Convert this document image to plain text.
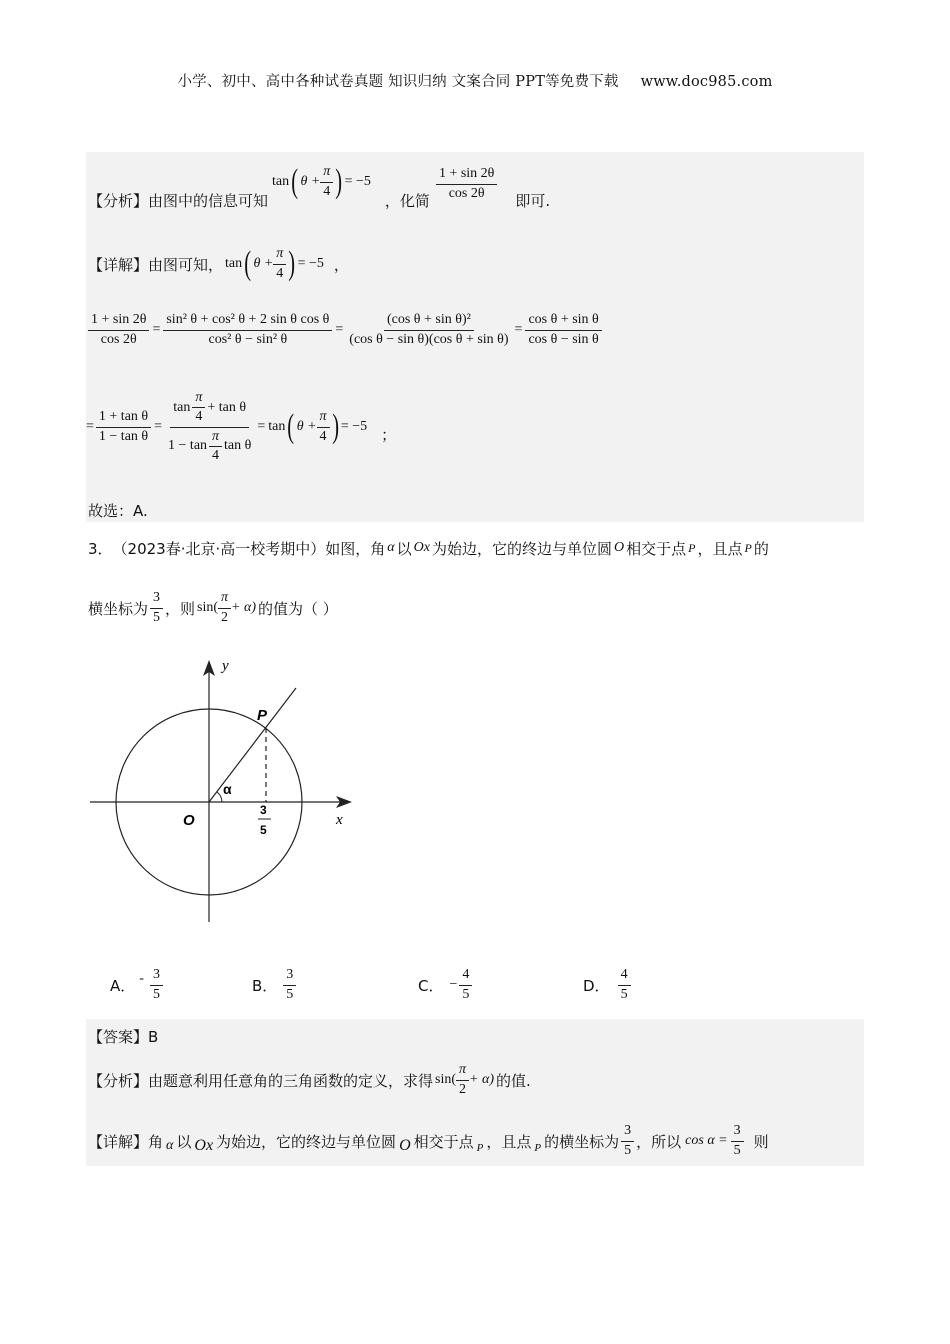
小学、初中、高中各种试卷真题 知识归纳 文案合同 PPT等免费下载 www.doc985.com
【分析】由图中的信息可知
tan ( $\theta + \frac{\pi}{4}$ ) = −5
，化简 $\frac{1 + \sin 2\theta}{\cos 2\theta}$ 即可.
【详解】由图可知， tan ( $\theta + \frac{\pi}{4}$ ) = −5 ，
$\frac{1 + \sin 2\theta}{\cos 2\theta} = \frac{\text{sin² θ + cos² θ + 2 sin θ cos θ}}{\text{cos² θ − sin² θ}} = \frac{\text{(cos θ + sin θ)²}}{\text{(cos θ − sin θ)(cos θ + sin θ)}} = \frac{\text{cos θ + sin θ}}{\text{cos θ − sin θ}}$
= $\frac{\text{1 + tan θ}}{\text{1 − tan θ}} = \frac{\tan \frac{\pi}{4} + \tan \theta}{1 - \tan \frac{\pi}{4} \tan \theta} = \tan$ ( $\theta + \frac{\pi}{4}$ ) = −5 ；
故选：A.
3． （2023春·北京·高一校考期中） 如图，角 α 以 Ox 为始边，它的终边与单位圆 O 相交于点 P ，且点 P 的
横坐标为 $\frac{3}{5}$ ，则 $\sin( \frac{\pi}{2} + \alpha)$ 的值为（ ）
y
x
P
O
α
3
5
A． - $\frac{3}{5}$	B． $\frac{3}{5}$	C． − $\frac{4}{5}$	D． $\frac{4}{5}$
【答案】B
【分析】由题意利用任意角的三角函数的定义，求得 $\sin( \frac{\pi}{2} + \alpha)$ 的值.
【详解】角 α 以 Ox 为始边，它的终边与单位圆 O 相交于点 P ，且点 P 的横坐标为 $\frac{3}{5}$ ，所以 $\cos \alpha = \frac{3}{5}$ 则
